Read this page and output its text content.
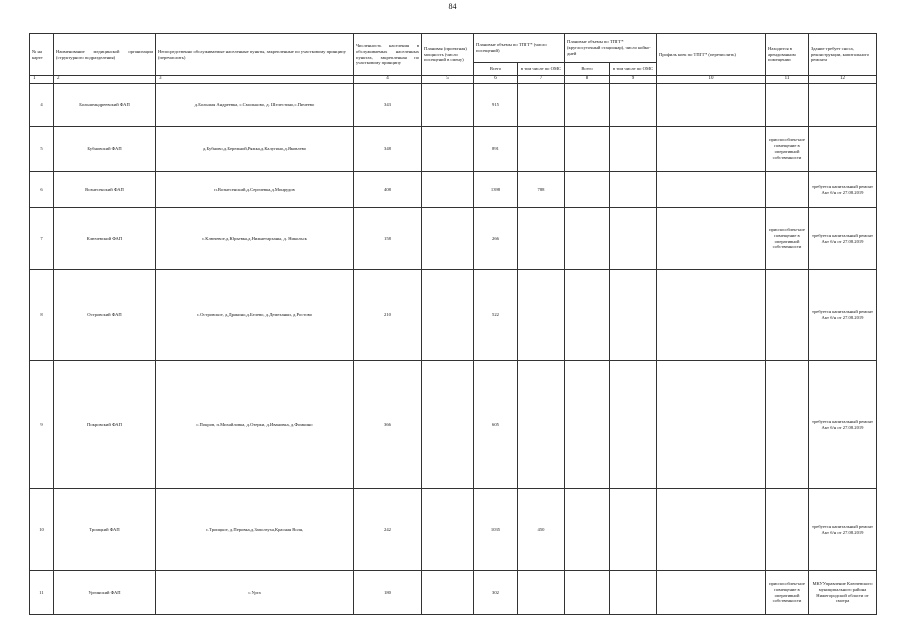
84
№ на карте	Наименование медицинской организации (структурного подразделения)	Непосредственно обслуживаемые населенные пункты, закрепленные по участковому принципу (перечислить)	Численность населения в обслуживаемых населенных пунктах, закрепленная по участковому принципу	Плановая (проектная) мощность (число посещений в смену)	Плановые объемы по ТПГГ* (число посещений)		Плановые объемы по ТПГГ* (круглосуточный стационар), число койко-дней		Профиль коек по ТПГГ* (перечислить)	Находится в арендованном помещении	Здание требует сноса, реконструкции, капитального ремонта
					Всего	в том числе по ОМС	Всего	в том числе по ОМС			
1	2	3	4	5	6	7	8	9	10	11	12
4	Большеандреевский ФАП	д.Большая Андреевка, с.Смольково, д. Шелестино,с.Пичеево	343		915						
5	Бубновский ФАП	д.Бубново,д.Бережной,Ряжка,д.Калугино,д.Яковлево	348		891					приспособлен-ное помещение в оперативной собственности	
6	Вознесенский ФАП	п.Вознесенский,д.Сергиевка,д.Монрудов	408		1398	788					требуется капитальный ремонт Акт б/н от 27.08.2019
7	Ключевский ФАП	с.Ключевое,д.Юрьевка,д.Нижнетарханы, д. Никольск	158		266					приспособлен-ное помещение в оперативной собственности	требуется капитальный ремонт Акт б/н от 27.08.2019
8	Островский ФАП	с.Островское, д.Дракино,д.Белево, д.Демеханки, д.Ростово	210		522						требуется капитальный ремонт Акт б/н от 27.08.2019
9	Покровский ФАП	с.Покров, п.Михайловка, д.Озерки, д.Ивановка, д.Фомкино	366		605						требуется капитальный ремонт Акт б/н от 27.08.2019
10	Троицкий ФАП	с.Троицкое, д.Перовка,д.Заползуха,Красная Воля,	242		1035	450					требуется капитальный ремонт Акт б/н от 27.08.2019
11	Ургинский ФАП	с.Урга	180		302					приспособлен-ное помещение в оперативной собственности	МКУУправление Ключевского муниципального района Нижегородской области от смотра
